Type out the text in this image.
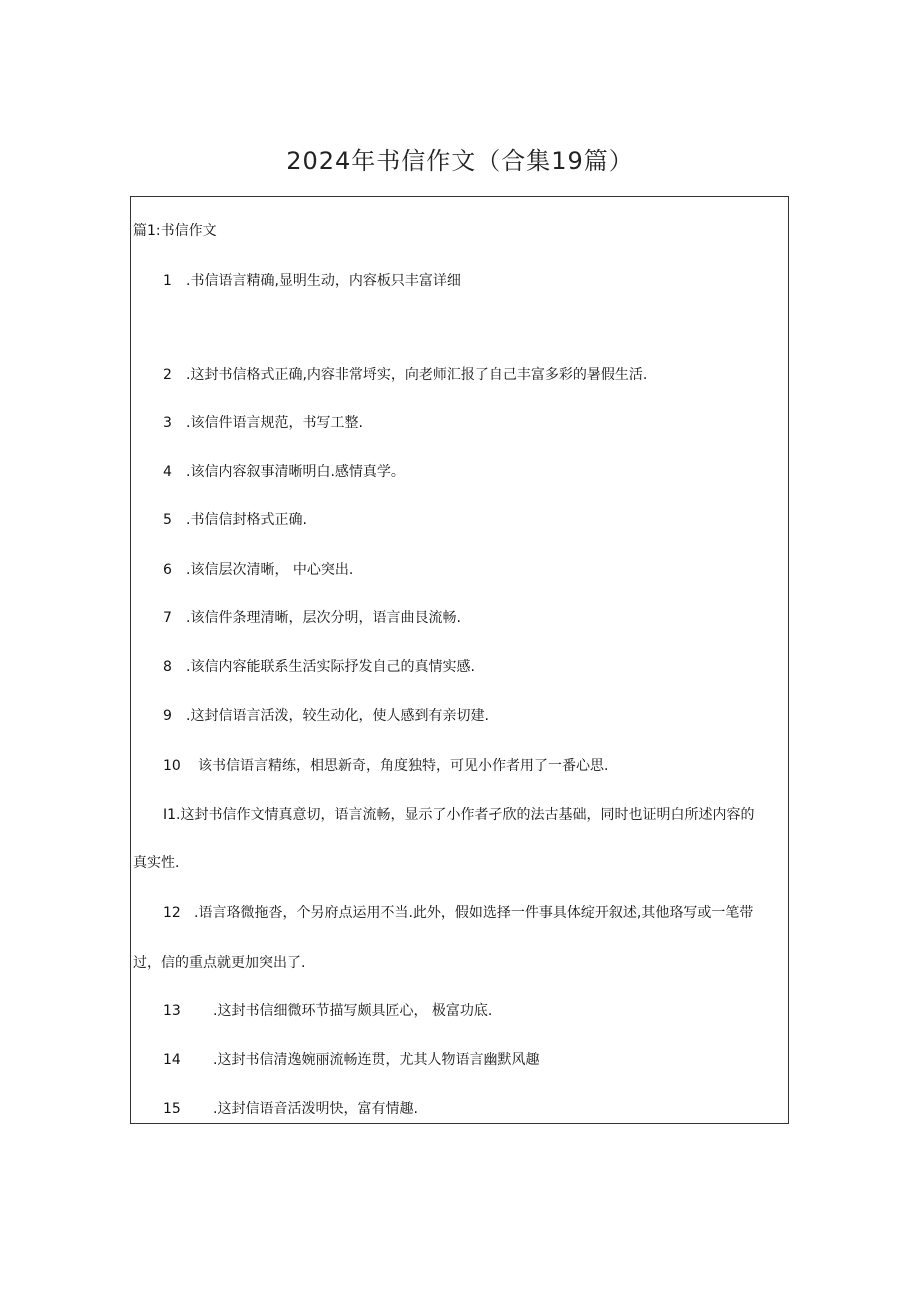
2024年书信作文（合集19篇）
篇1:书信作文
1 .书信语言精确,显明生动，内容板只丰富详细
2 .这封书信格式正确,内容非常埒实，向老师汇报了自己丰富多彩的暑假生活.
3 .该信件语言规范，书写工整.
4 .该信内容叙事清晰明白.感情真学。
5 .书信信封格式正确.
6 .该信层次清晰， 中心突出.
7 .该信件条理清晰，层次分明，语言曲艮流畅.
8 .该信内容能联系生活实际抒发自己的真情实感.
9 .这封信语言活泼，较生动化，使人感到有亲切建.
10 该书信语言精练，相思新奇，角度独特，可见小作者用了一番心思.
I1.这封书信作文情真意切，语言流畅，显示了小作者孑欣的法古基础，同时也证明白所述内容的
真实性.
12 .语言珞微拖沓，个另府点运用不当.此外，假如选择一件事具体绽开叙述,其他珞写或一笔带
过，信的重点就更加突出了.
13 .这封书信细微环节描写颇具匠心， 极富功底.
14 .这封书信清逸婉丽流畅连贯，尤其人物语言幽默风趣
15 .这封信语音活泼明快，富有情趣.
